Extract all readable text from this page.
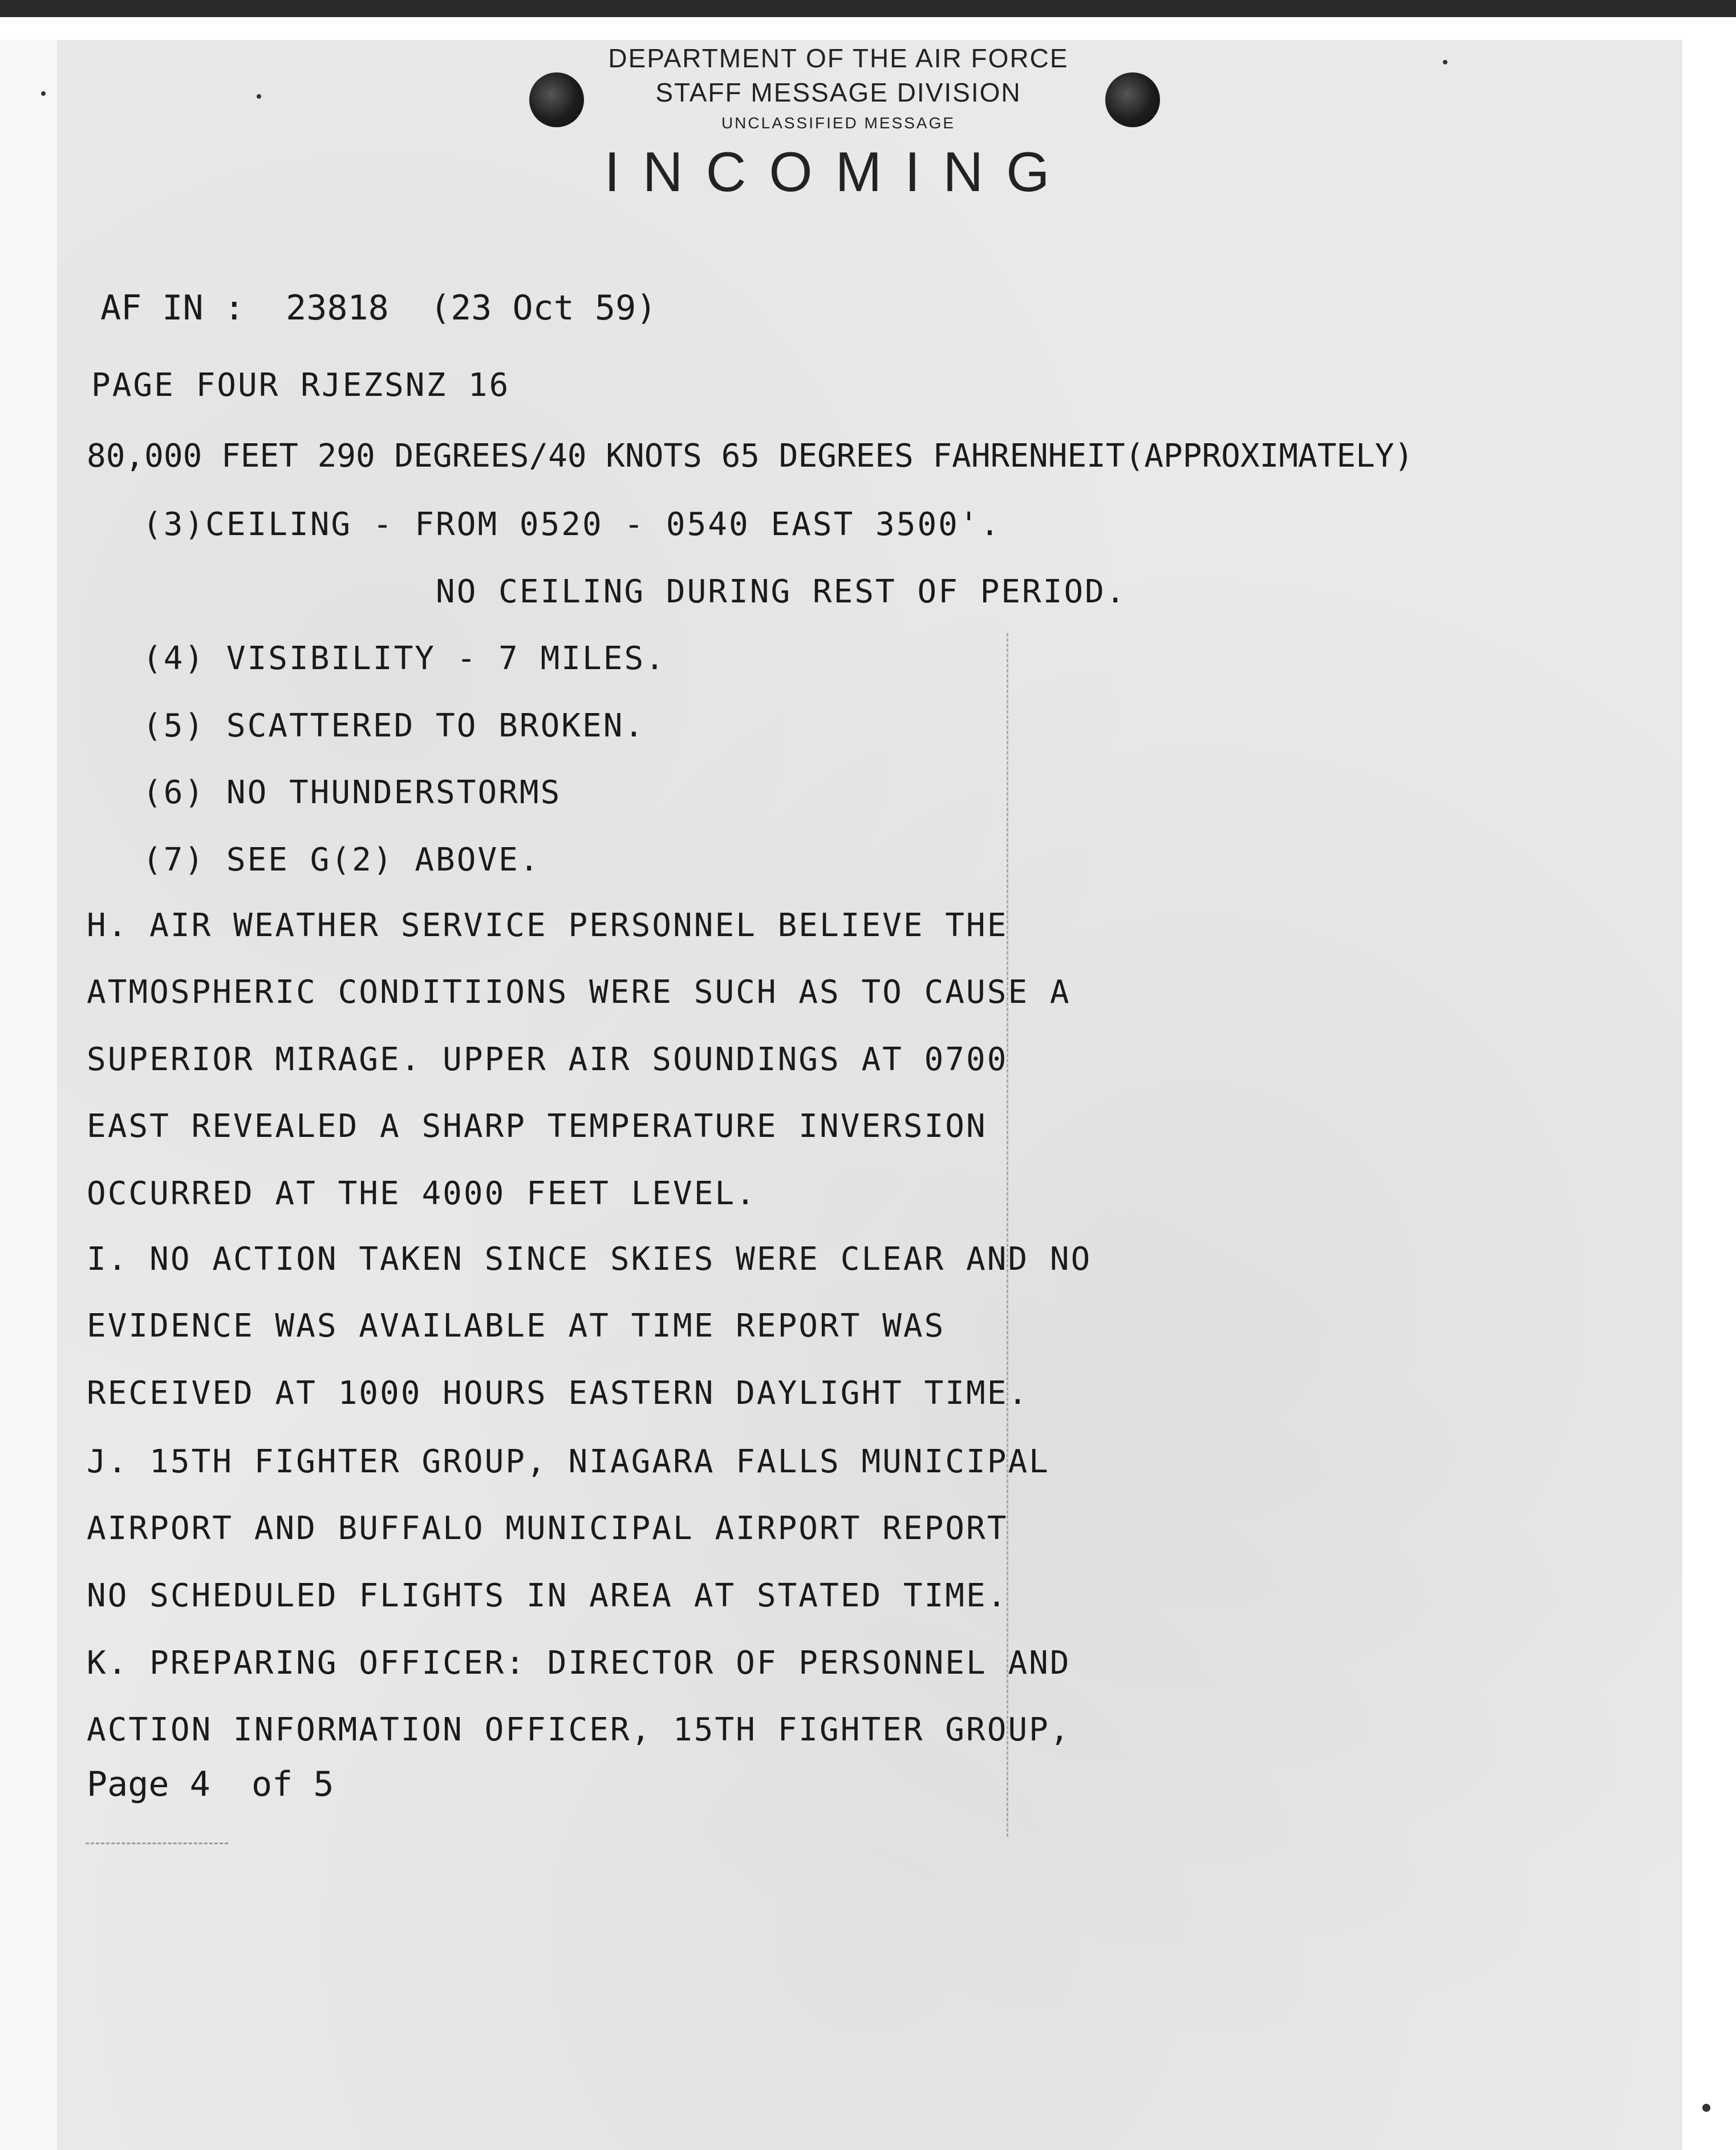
DEPARTMENT OF THE AIR FORCE
STAFF MESSAGE DIVISION
UNCLASSIFIED MESSAGE
INCOMING
AF IN :  23818  (23 Oct 59)
PAGE FOUR RJEZSNZ 16
80,000 FEET 290 DEGREES/40 KNOTS 65 DEGREES FAHRENHEIT(APPROXIMATELY)
(3)CEILING - FROM 0520 - 0540 EAST 3500'.
NO CEILING DURING REST OF PERIOD.
(4) VISIBILITY - 7 MILES.
(5) SCATTERED TO BROKEN.
(6) NO THUNDERSTORMS
(7) SEE G(2) ABOVE.
H. AIR WEATHER SERVICE PERSONNEL BELIEVE THE
ATMOSPHERIC CONDITIIONS WERE SUCH AS TO CAUSE A
SUPERIOR MIRAGE. UPPER AIR SOUNDINGS AT 0700
EAST REVEALED A SHARP TEMPERATURE INVERSION
OCCURRED AT THE 4000 FEET LEVEL.
I. NO ACTION TAKEN SINCE SKIES WERE CLEAR AND NO
EVIDENCE WAS AVAILABLE AT TIME REPORT WAS
RECEIVED AT 1000 HOURS EASTERN DAYLIGHT TIME.
J. 15TH FIGHTER GROUP, NIAGARA FALLS MUNICIPAL
AIRPORT AND BUFFALO MUNICIPAL AIRPORT REPORT
NO SCHEDULED FLIGHTS IN AREA AT STATED TIME.
K. PREPARING OFFICER: DIRECTOR OF PERSONNEL AND
ACTION INFORMATION OFFICER, 15TH FIGHTER GROUP,
Page 4  of 5
